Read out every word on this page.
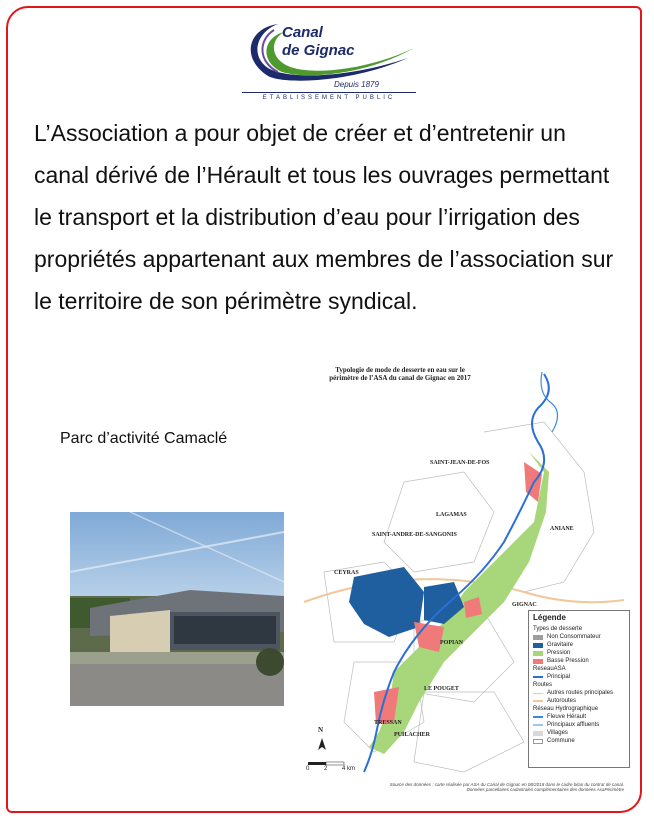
Canal
de Gignac
Depuis 1879
ETABLISSEMENT PUBLIC
L’Association a pour objet de créer et d’entretenir un canal dérivé de l’Hérault et tous les ouvrages permettant le transport et la distribution d’eau pour l’irrigation des propriétés appartenant aux membres de l’association sur le territoire de son périmètre syndical.
Parc d’activité Camaclé
Typologie de mode de desserte en eau sur le
périmètre de l’ASA du canal de Gignac en 2017
SAINT-JEAN-DE-FOS
LAGAMAS
ANIANE
SAINT-ANDRE-DE-SANGONIS
CEYRAS
GIGNAC
POPIAN
LE POUGET
TRESSAN
PUILACHER
N
0 2 4 km
Légende
Types de desserte
Non Consommateur
Gravitaire
Pression
Basse Pression
ReseauASA
Principal
Routes
Autres routes principales
Autoroutes
Réseau Hydrographique
Fleuve Hérault
Principaux affluents
Villages
Commune
Source des données : carte réalisée par ASA du Canal de Gignac en 08/2018 dans le cadre bilan du contrat de canal. Données parcellaires cadastrales complémentaires des données AsaPérimètre
